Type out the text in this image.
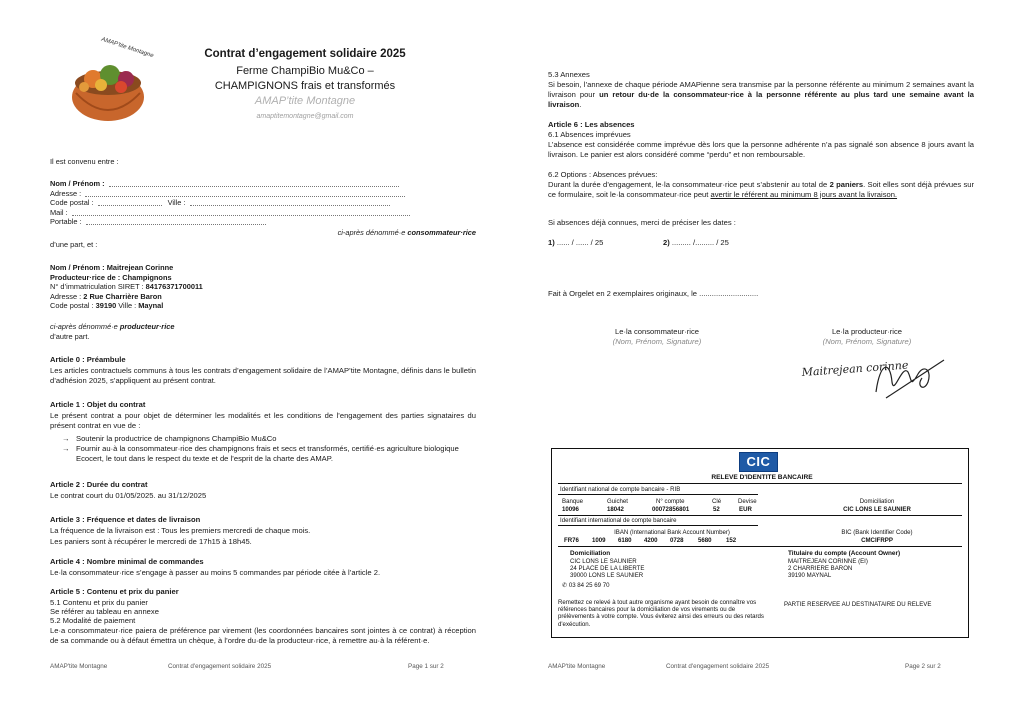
AMAP'tite Montagne	Contrat d’engagement solidaire 2025
Ferme ChampiBio Mu&Co –
CHAMPIGNONS frais et transformés
AMAP’tite Montagne
amaptitemontagne@gmail.com
Il est convenu entre :
Nom / Prénom :
Adresse :
Code postal :	Ville :
Mail :
Portable :
ci-après dénommé·e consommateur·rice
d’une part, et :
Nom / Prénom : Maitrejean Corinne
Producteur·rice de : Champignons
N° d’immatriculation SIRET : 84176371700011
Adresse : 2 Rue Charrière Baron
Code postal : 39190 Ville : Maynal
ci-après dénommé·e producteur·rice
d’autre part.
Article 0 : Préambule
Les articles contractuels communs à tous les contrats d’engagement solidaire de l’AMAP’tite Montagne, définis dans le bulletin d’adhésion 2025, s’appliquent au présent contrat.
Article 1 : Objet du contrat
Le présent contrat a pour objet de déterminer les modalités et les conditions de l’engagement des parties signataires du présent contrat en vue de :
→ Soutenir la productrice de champignons ChampiBio Mu&Co
→ Fournir au·à la consommateur·rice des champignons frais et secs et transformés, certifié·es agriculture biologique Ecocert, le tout dans le respect du texte et de l’esprit de la charte des AMAP.
Article 2 : Durée du contrat
Le contrat court du 01/05/2025. au 31/12/2025
Article 3 : Fréquence et dates de livraison
La fréquence de la livraison est : Tous les premiers mercredi de chaque mois.
Les paniers sont à récupérer le mercredi de 17h15 à 18h45.
Article 4 : Nombre minimal de commandes
Le·la consommateur·rice s’engage à passer au moins 5 commandes par période citée à l’article 2.
Article 5 : Contenu et prix du panier
5.1 Contenu et prix du panier
Se référer au tableau en annexe
5.2 Modalité de paiement
Le·a consommateur·rice paiera de préférence par virement (les coordonnées bancaires sont jointes à ce contrat) à réception de sa commande ou à défaut émettra un chèque, à l’ordre du·de la producteur·rice, à remettre au·à la référent·e.
AMAP'tite Montagne	Contrat d'engagement solidaire 2025	Page 1 sur 2
5.3 Annexes
Si besoin, l’annexe de chaque période AMAPienne sera transmise par la personne référente au minimum 2 semaines avant la livraison pour un retour du·de la consommateur·rice à la personne référente au plus tard une semaine avant la livraison.
Article 6 : Les absences
6.1 Absences imprévues
L’absence est considérée comme imprévue dès lors que la personne adhérente n’a pas signalé son absence 8 jours avant la livraison. Le panier est alors considéré comme “perdu” et non remboursable.
6.2 Options : Absences prévues:
Durant la durée d’engagement, le·la consommateur·rice peut s’abstenir au total de 2 paniers. Soit elles sont déjà prévues sur ce formulaire, soit le·la consommateur·rice peut avertir le référent au minimum 8 jours avant la livraison.
Si absences déjà connues, merci de préciser les dates :
1) ...... / ...... / 25	2) ......... /......... / 25
Fait à Orgelet en 2 exemplaires originaux, le ............................
Le·la consommateur·rice
(Nom, Prénom, Signature)
Le·la producteur·rice
(Nom, Prénom, Signature)
Maitrejean corinne
CIC
RELEVE D'IDENTITE BANCAIRE
Identifiant national de compte bancaire - RIB
Banque	Guichet	N° compte	Clé	Devise
10096	18042	00072856801	52	EUR
Domiciliation
CIC LONS LE SAUNIER
Identifiant international de compte bancaire
IBAN (International Bank Account Number)
FR76 1009 6180 4200 0728 5680 152
BIC (Bank Identifier Code)
CMCIFRPP
Domiciliation
CIC LONS LE SAUNIER
24 PLACE DE LA LIBERTE
39000 LONS LE SAUNIER
✆ 03 84 25 69 70
Titulaire du compte (Account Owner)
MAITREJEAN CORINNE (EI)
2 CHARRIERE BARON
39190 MAYNAL
Remettez ce relevé à tout autre organisme ayant besoin de connaître vos références bancaires pour la domiciliation de vos virements ou de prélèvements à votre compte. Vous éviterez ainsi des erreurs ou des retards d'exécution.
PARTIE RESERVEE AU DESTINATAIRE DU RELEVE
AMAP'tite Montagne	Contrat d'engagement solidaire 2025	Page 2 sur 2
